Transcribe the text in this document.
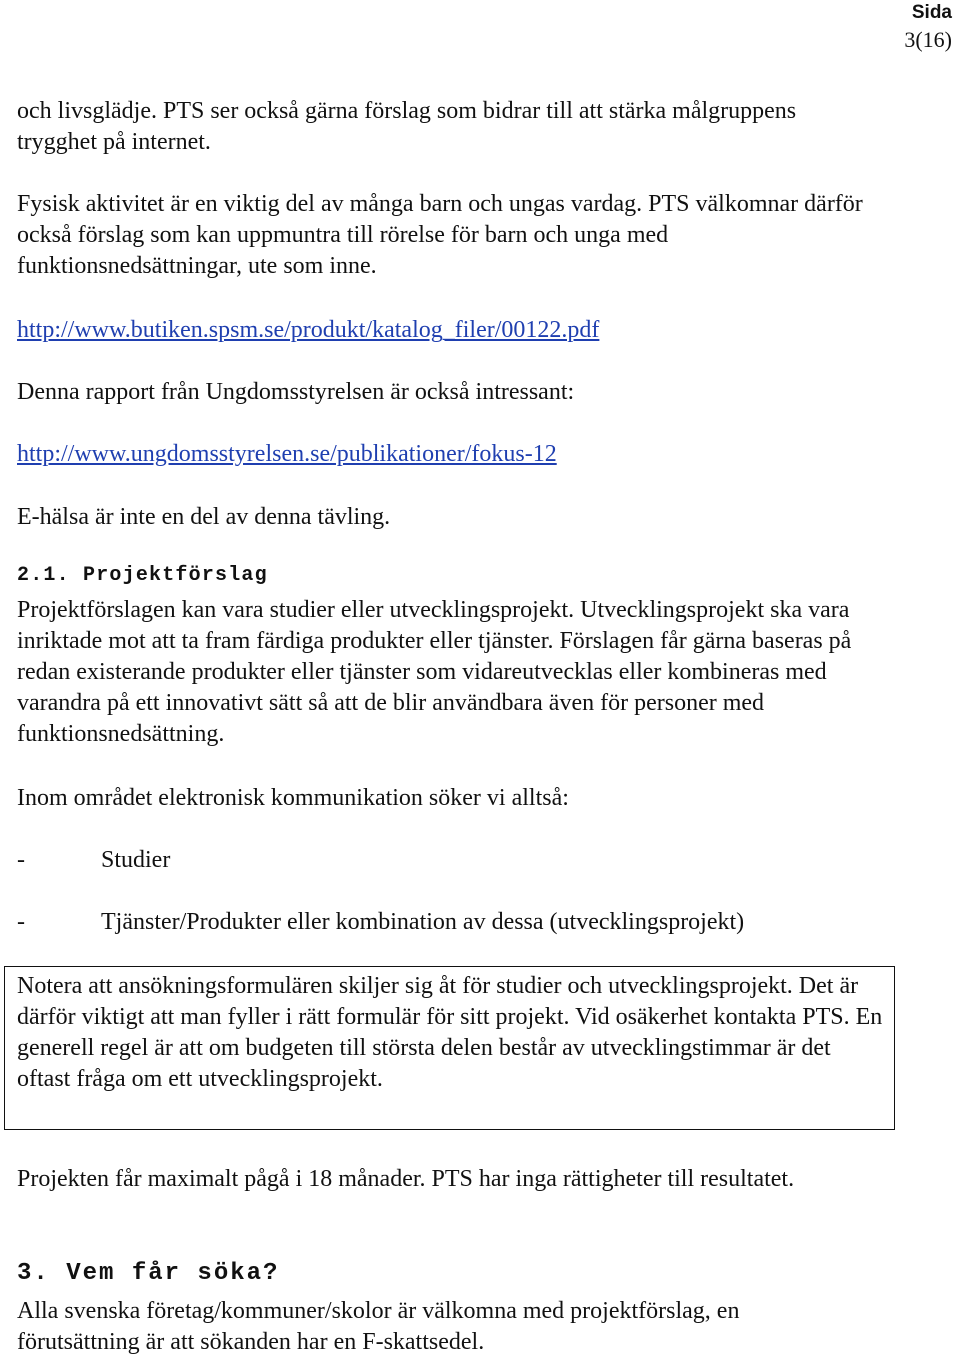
Sida
3(16)

och livsglädje. PTS ser också gärna förslag som bidrar till att stärka målgruppens trygghet på internet.

Fysisk aktivitet är en viktig del av många barn och ungas vardag. PTS välkomnar därför också förslag som kan uppmuntra till rörelse för barn och unga med funktionsnedsättningar, ute som inne.

http://www.butiken.spsm.se/produkt/katalog_filer/00122.pdf

Denna rapport från Ungdomsstyrelsen är också intressant:

http://www.ungdomsstyrelsen.se/publikationer/fokus-12

E-hälsa är inte en del av denna tävling.

2.1. Projektförslag

Projektförslagen kan vara studier eller utvecklingsprojekt. Utvecklingsprojekt ska vara inriktade mot att ta fram färdiga produkter eller tjänster. Förslagen får gärna baseras på redan existerande produkter eller tjänster som vidareutvecklas eller kombineras med varandra på ett innovativt sätt så att de blir användbara även för personer med funktionsnedsättning.

Inom området elektronisk kommunikation söker vi alltså:

-	Studier
-	Tjänster/Produkter eller kombination av dessa (utvecklingsprojekt)
Notera att ansökningsformulären skiljer sig åt för studier och utvecklingsprojekt. Det är därför viktigt att man fyller i rätt formulär för sitt projekt. Vid osäkerhet kontakta PTS. En generell regel är att om budgeten till största delen består av utvecklingstimmar är det oftast fråga om ett utvecklingsprojekt.

Projekten får maximalt pågå i 18 månader. PTS har inga rättigheter till resultatet.

3. Vem får söka?

Alla svenska företag/kommuner/skolor är välkomna med projektförslag, en förutsättning är att sökanden har en F-skattsedel.
